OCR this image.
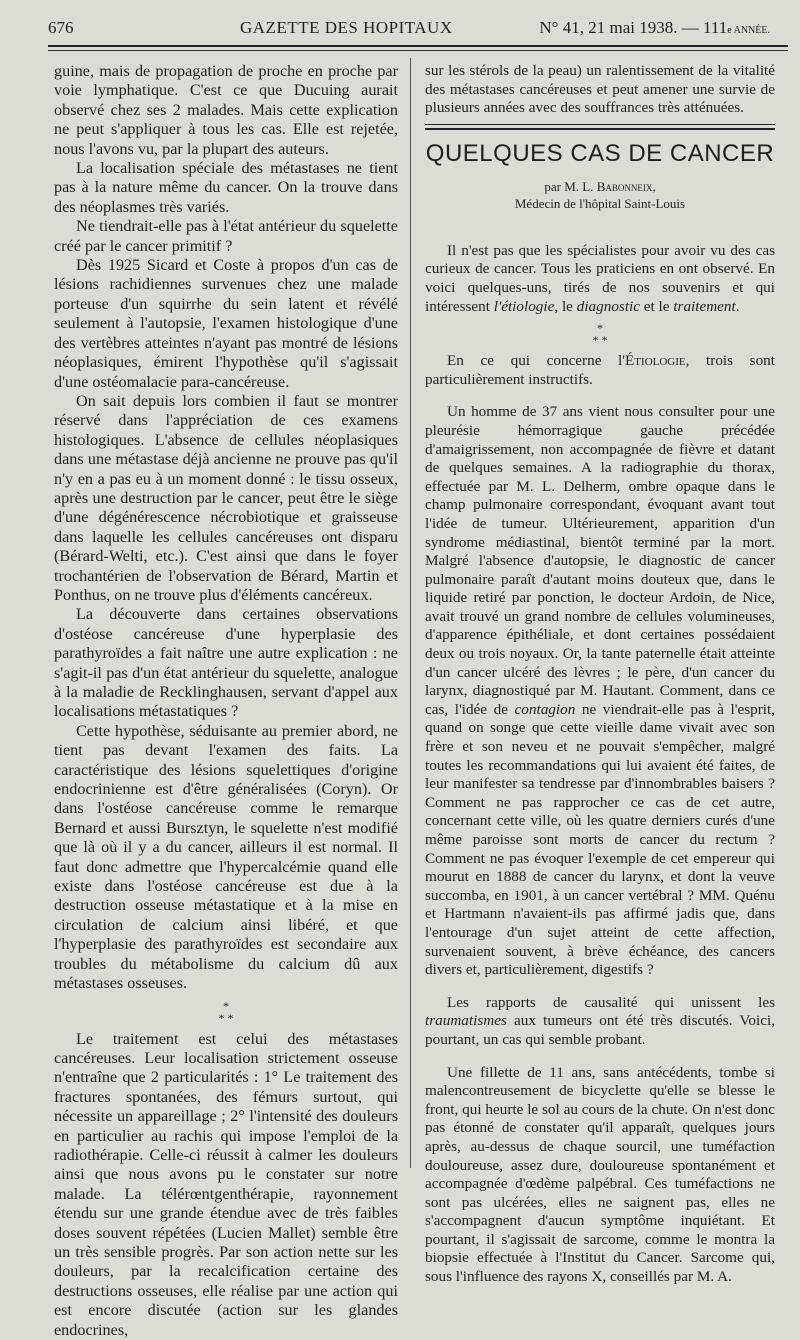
676	GAZETTE DES HOPITAUX	N° 41, 21 mai 1938. — 111e ANNÉE.

guine, mais de propagation de proche en proche par voie lymphatique. C'est ce que Ducuing aurait observé chez ses 2 malades. Mais cette explication ne peut s'appliquer à tous les cas. Elle est rejetée, nous l'avons vu, par la plupart des auteurs.

La localisation spéciale des métastases ne tient pas à la nature même du cancer. On la trouve dans des néoplasmes très variés.

Ne tiendrait-elle pas à l'état antérieur du squelette créé par le cancer primitif ?

Dès 1925 Sicard et Coste à propos d'un cas de lésions rachidiennes survenues chez une malade porteuse d'un squirrhe du sein latent et révélé seulement à l'autopsie, l'examen histologique d'une des vertèbres atteintes n'ayant pas montré de lésions néoplasiques, émirent l'hypothèse qu'il s'agissait d'une ostéomalacie para-cancéreuse.

On sait depuis lors combien il faut se montrer réservé dans l'appréciation de ces examens histologiques. L'absence de cellules néoplasiques dans une métastase déjà ancienne ne prouve pas qu'il n'y en a pas eu à un moment donné : le tissu osseux, après une destruction par le cancer, peut être le siège d'une dégénérescence nécrobiotique et graisseuse dans laquelle les cellules cancéreuses ont disparu (Bérard-Welti, etc.). C'est ainsi que dans le foyer trochantérien de l'observation de Bérard, Martin et Ponthus, on ne trouve plus d'éléments cancéreux.

La découverte dans certaines observations d'ostéose cancéreuse d'une hyperplasie des parathyroïdes a fait naître une autre explication : ne s'agit-il pas d'un état antérieur du squelette, analogue à la maladie de Recklinghausen, servant d'appel aux localisations métastatiques ?

Cette hypothèse, séduisante au premier abord, ne tient pas devant l'examen des faits. La caractéristique des lésions squelettiques d'origine endocrinienne est d'être généralisées (Coryn). Or dans l'ostéose cancéreuse comme le remarque Bernard et aussi Bursztyn, le squelette n'est modifié que là où il y a du cancer, ailleurs il est normal. Il faut donc admettre que l'hypercalcémie quand elle existe dans l'ostéose cancéreuse est due à la destruction osseuse métastatique et à la mise en circulation de calcium ainsi libéré, et que l'hyperplasie des parathyroïdes est secondaire aux troubles du métabolisme du calcium dû aux métastases osseuses.

*
* *

Le traitement est celui des métastases cancéreuses. Leur localisation strictement osseuse n'entraîne que 2 particularités : 1° Le traitement des fractures spontanées, des fémurs surtout, qui nécessite un appareillage ; 2° l'intensité des douleurs en particulier au rachis qui impose l'emploi de la radiothérapie. Celle-ci réussit à calmer les douleurs ainsi que nous avons pu le constater sur notre malade. La télérœntgenthérapie, rayonnement étendu sur une grande étendue avec de très faibles doses souvent répétées (Lucien Mallet) semble être un très sensible progrès. Par son action nette sur les douleurs, par la recalcification certaine des destructions osseuses, elle réalise par une action qui est encore discutée (action sur les glandes endocrines,

sur les stérols de la peau) un ralentissement de la vitalité des métastases cancéreuses et peut amener une survie de plusieurs années avec des souffrances très atténuées.

QUELQUES CAS DE CANCER
par M. L. Babonneix,
Médecin de l'hôpital Saint-Louis

Il n'est pas que les spécialistes pour avoir vu des cas curieux de cancer. Tous les praticiens en ont observé. En voici quelques-uns, tirés de nos souvenirs et qui intéressent l'étiologie, le diagnostic et le traitement.

*
* *

En ce qui concerne l'Étiologie, trois sont particulièrement instructifs.

Un homme de 37 ans vient nous consulter pour une pleurésie hémorragique gauche précédée d'amaigrissement, non accompagnée de fièvre et datant de quelques semaines. A la radiographie du thorax, effectuée par M. L. Delherm, ombre opaque dans le champ pulmonaire correspondant, évoquant avant tout l'idée de tumeur. Ultérieurement, apparition d'un syndrome médiastinal, bientôt terminé par la mort. Malgré l'absence d'autopsie, le diagnostic de cancer pulmonaire paraît d'autant moins douteux que, dans le liquide retiré par ponction, le docteur Ardoin, de Nice, avait trouvé un grand nombre de cellules volumineuses, d'apparence épithéliale, et dont certaines possédaient deux ou trois noyaux. Or, la tante paternelle était atteinte d'un cancer ulcéré des lèvres ; le père, d'un cancer du larynx, diagnostiqué par M. Hautant. Comment, dans ce cas, l'idée de contagion ne viendrait-elle pas à l'esprit, quand on songe que cette vieille dame vivait avec son frère et son neveu et ne pouvait s'empêcher, malgré toutes les recommandations qui lui avaient été faites, de leur manifester sa tendresse par d'innombrables baisers ? Comment ne pas rapprocher ce cas de cet autre, concernant cette ville, où les quatre derniers curés d'une même paroisse sont morts de cancer du rectum ? Comment ne pas évoquer l'exemple de cet empereur qui mourut en 1888 de cancer du larynx, et dont la veuve succomba, en 1901, à un cancer vertébral ? MM. Quénu et Hartmann n'avaient-ils pas affirmé jadis que, dans l'entourage d'un sujet atteint de cette affection, survenaient souvent, à brève échéance, des cancers divers et, particulièrement, digestifs ?

Les rapports de causalité qui unissent les traumatismes aux tumeurs ont été très discutés. Voici, pourtant, un cas qui semble probant.

Une fillette de 11 ans, sans antécédents, tombe si malencontreusement de bicyclette qu'elle se blesse le front, qui heurte le sol au cours de la chute. On n'est donc pas étonné de constater qu'il apparaît, quelques jours après, au-dessus de chaque sourcil, une tuméfaction douloureuse, assez dure, douloureuse spontanément et accompagnée d'œdème palpébral. Ces tuméfactions ne sont pas ulcérées, elles ne saignent pas, elles ne s'accompagnent d'aucun symptôme inquiétant. Et pourtant, il s'agissait de sarcome, comme le montra la biopsie effectuée à l'Institut du Cancer. Sarcome qui, sous l'influence des rayons X, conseillés par M. A.
